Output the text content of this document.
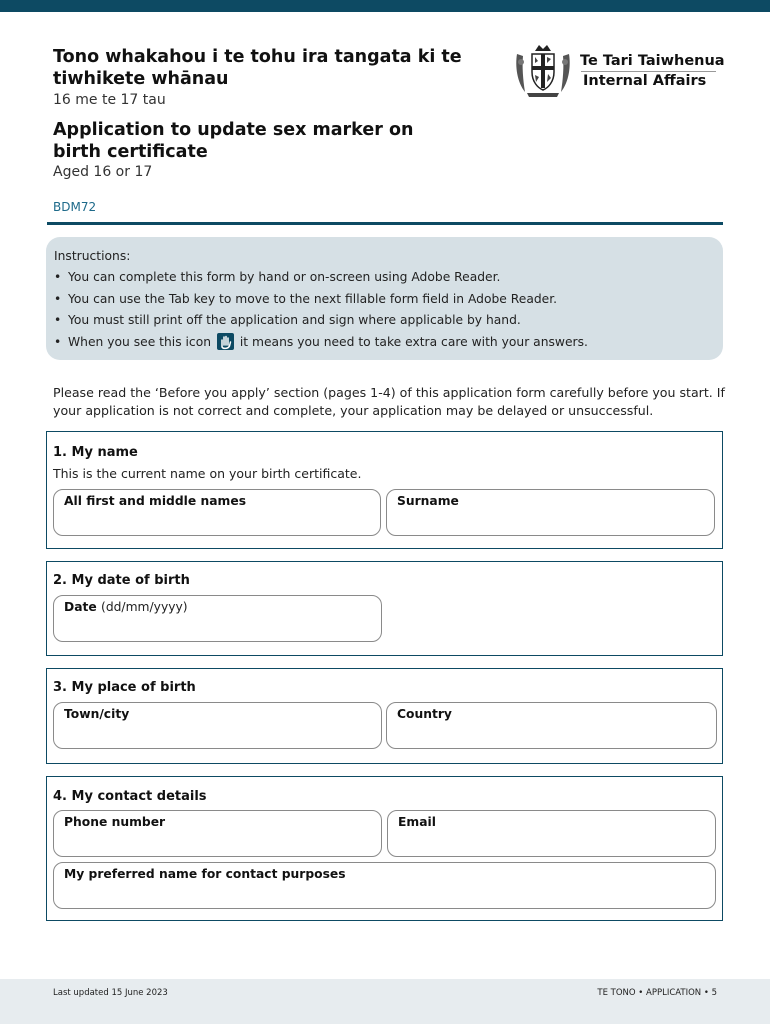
Tono whakahou i te tohu ira tangata ki te tiwhikete whānau
16 me te 17 tau
Application to update sex marker on birth certificate
Aged 16 or 17
BDM72
Te Tari Taiwhenua
Internal Affairs
Instructions:
• You can complete this form by hand or on-screen using Adobe Reader.
• You can use the Tab key to move to the next fillable form field in Adobe Reader.
• You must still print off the application and sign where applicable by hand.
• When you see this icon it means you need to take extra care with your answers.
Please read the ‘Before you apply’ section (pages 1-4) of this application form carefully before you start. If your application is not correct and complete, your application may be delayed or unsuccessful.
1. My name
This is the current name on your birth certificate.
All first and middle names	Surname
2. My date of birth
Date (dd/mm/yyyy)
3. My place of birth
Town/city	Country
4. My contact details
Phone number	Email
My preferred name for contact purposes
Last updated 15 June 2023	TE TONO • APPLICATION • 5
